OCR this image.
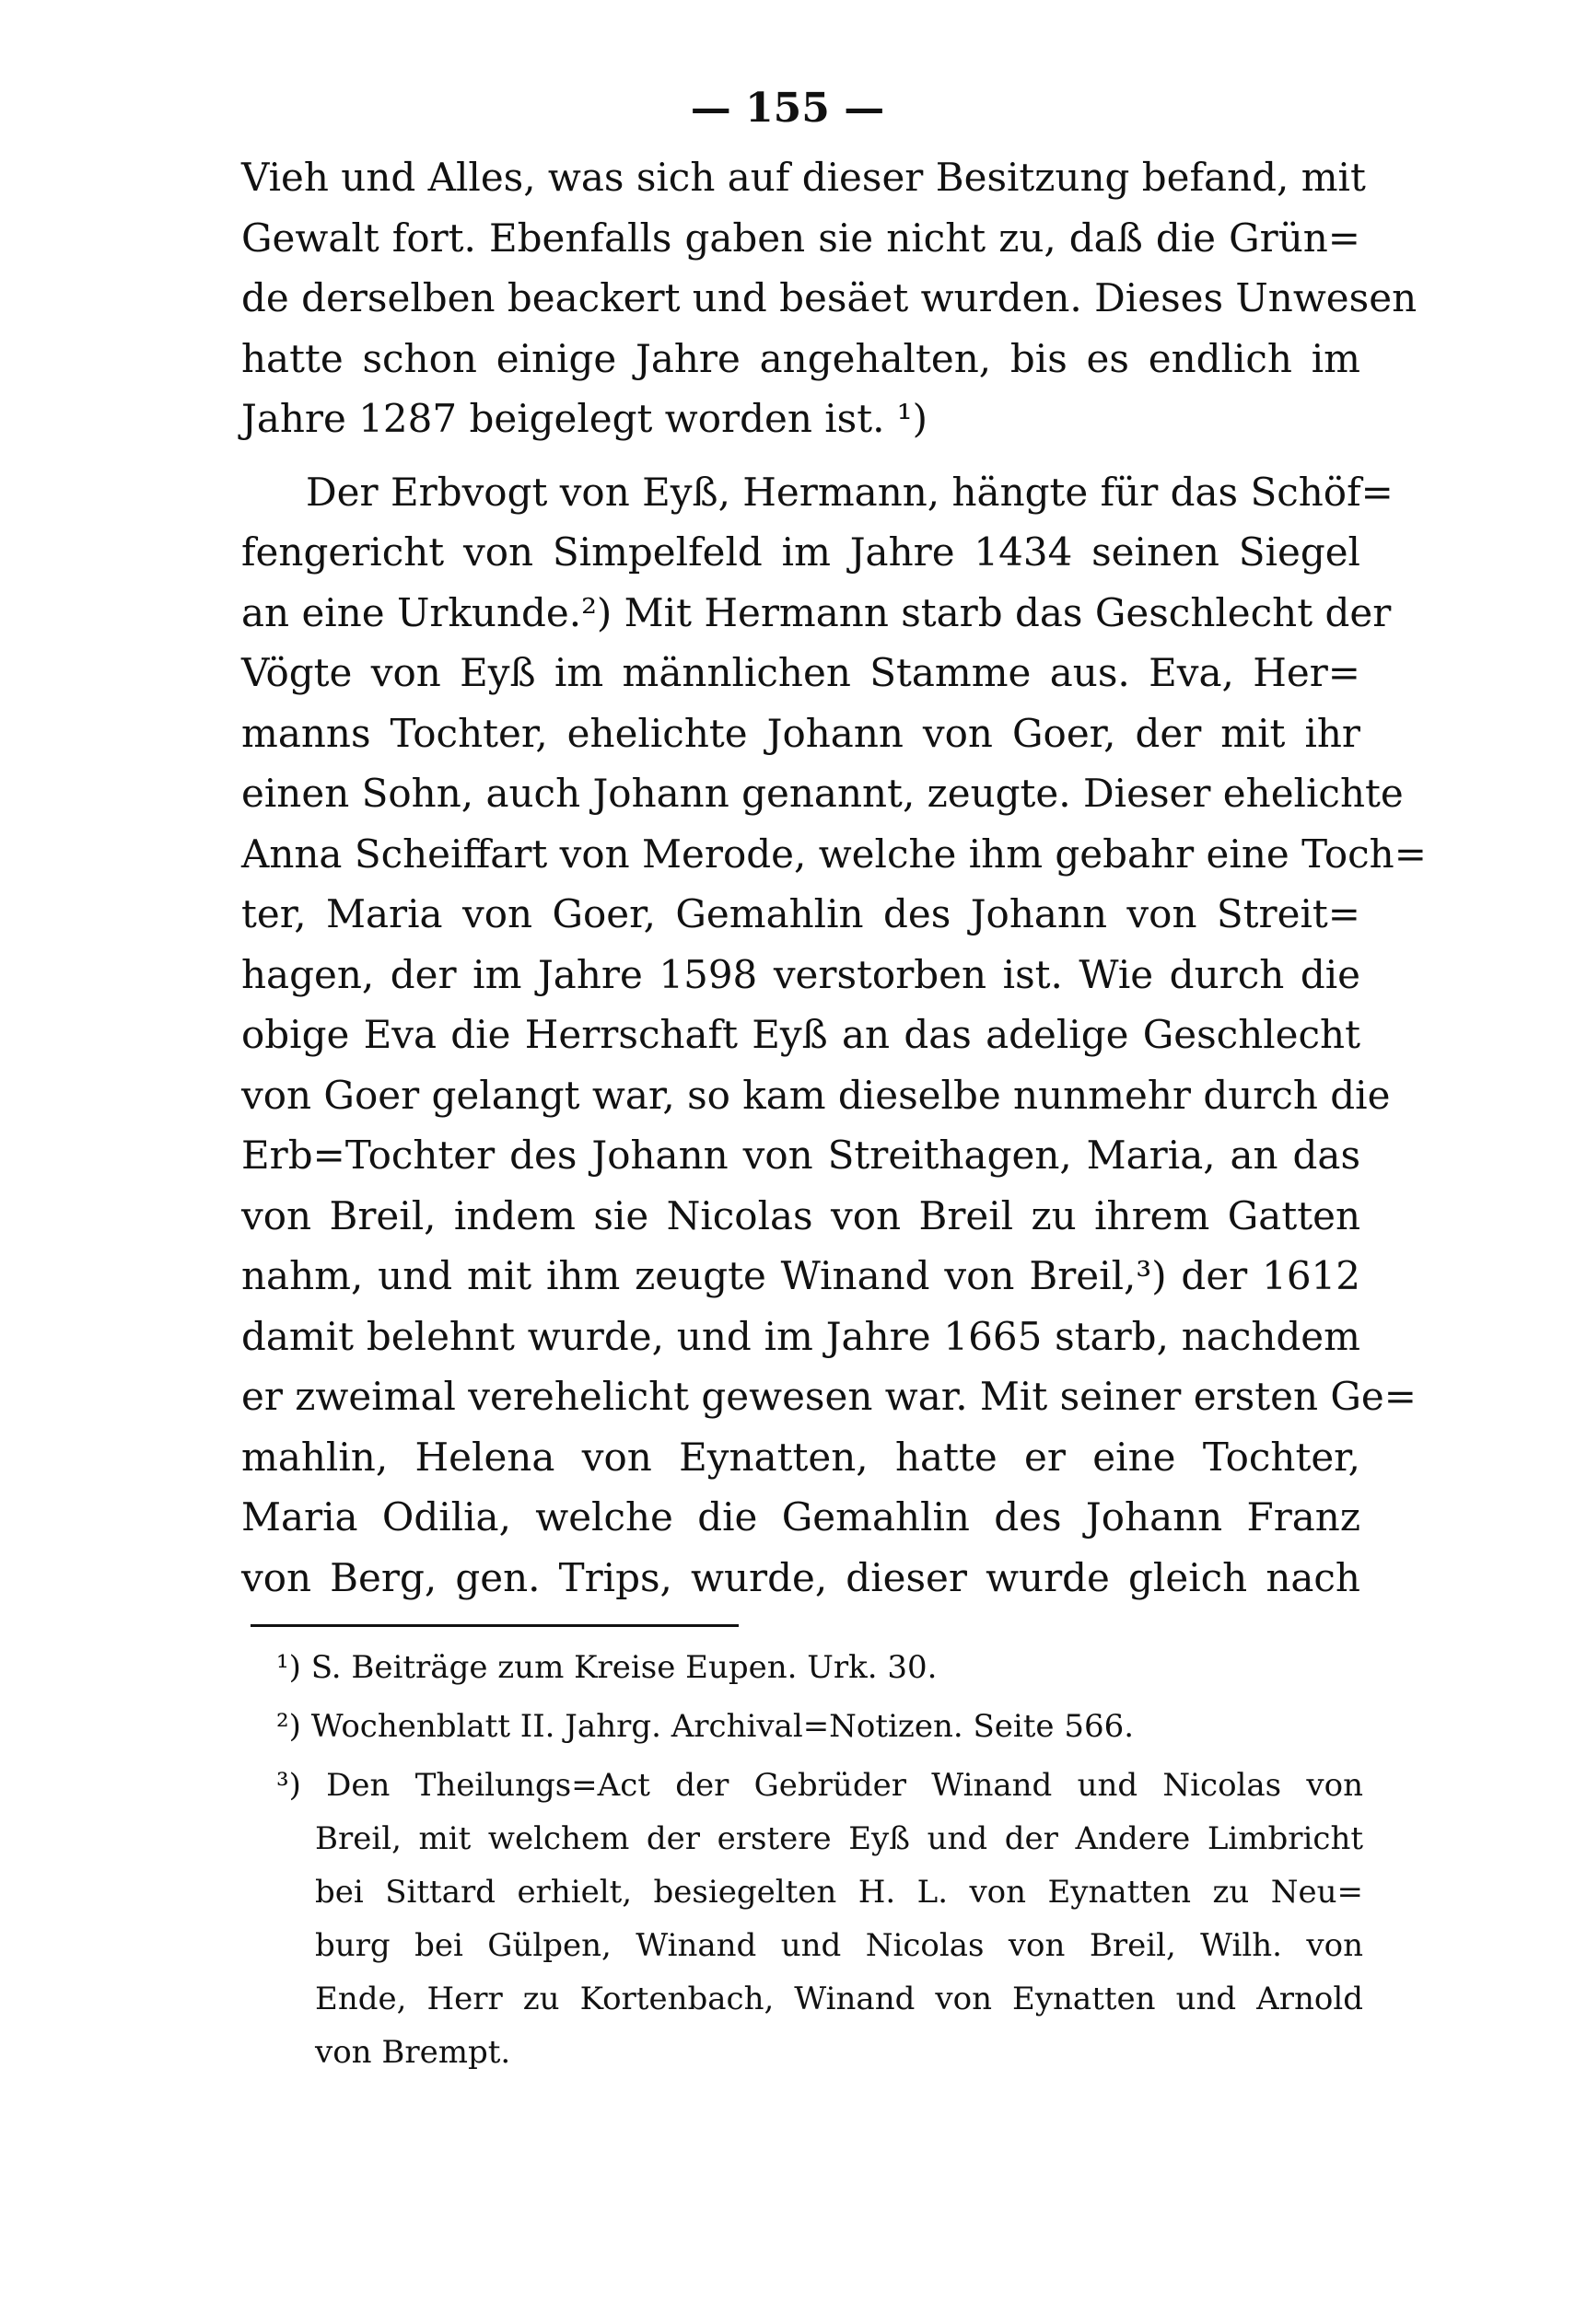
— 155 —
Vieh und Alles, was sich auf dieser Besitzung befand, mit
Gewalt fort. Ebenfalls gaben sie nicht zu, daß die Grün=
de derselben beackert und besäet wurden. Dieses Unwesen
hatte schon einige Jahre angehalten, bis es endlich im
Jahre 1287 beigelegt worden ist. ¹)
Der Erbvogt von Eyß, Hermann, hängte für das Schöf=
fengericht von Simpelfeld im Jahre 1434 seinen Siegel
an eine Urkunde.²) Mit Hermann starb das Geschlecht der
Vögte von Eyß im männlichen Stamme aus. Eva, Her=
manns Tochter, ehelichte Johann von Goer, der mit ihr
einen Sohn, auch Johann genannt, zeugte. Dieser ehelichte
Anna Scheiffart von Merode, welche ihm gebahr eine Toch=
ter, Maria von Goer, Gemahlin des Johann von Streit=
hagen, der im Jahre 1598 verstorben ist. Wie durch die
obige Eva die Herrschaft Eyß an das adelige Geschlecht
von Goer gelangt war, so kam dieselbe nunmehr durch die
Erb=Tochter des Johann von Streithagen, Maria, an das
von Breil, indem sie Nicolas von Breil zu ihrem Gatten
nahm, und mit ihm zeugte Winand von Breil,³) der 1612
damit belehnt wurde, und im Jahre 1665 starb, nachdem
er zweimal verehelicht gewesen war. Mit seiner ersten Ge=
mahlin, Helena von Eynatten, hatte er eine Tochter,
Maria Odilia, welche die Gemahlin des Johann Franz
von Berg, gen. Trips, wurde, dieser wurde gleich nach
¹) S. Beiträge zum Kreise Eupen. Urk. 30.
²) Wochenblatt II. Jahrg. Archival=Notizen. Seite 566.
³) Den Theilungs=Act der Gebrüder Winand und Nicolas von
Breil, mit welchem der erstere Eyß und der Andere Limbricht
bei Sittard erhielt, besiegelten H. L. von Eynatten zu Neu=
burg bei Gülpen, Winand und Nicolas von Breil, Wilh. von
Ende, Herr zu Kortenbach, Winand von Eynatten und Arnold
von Brempt.
